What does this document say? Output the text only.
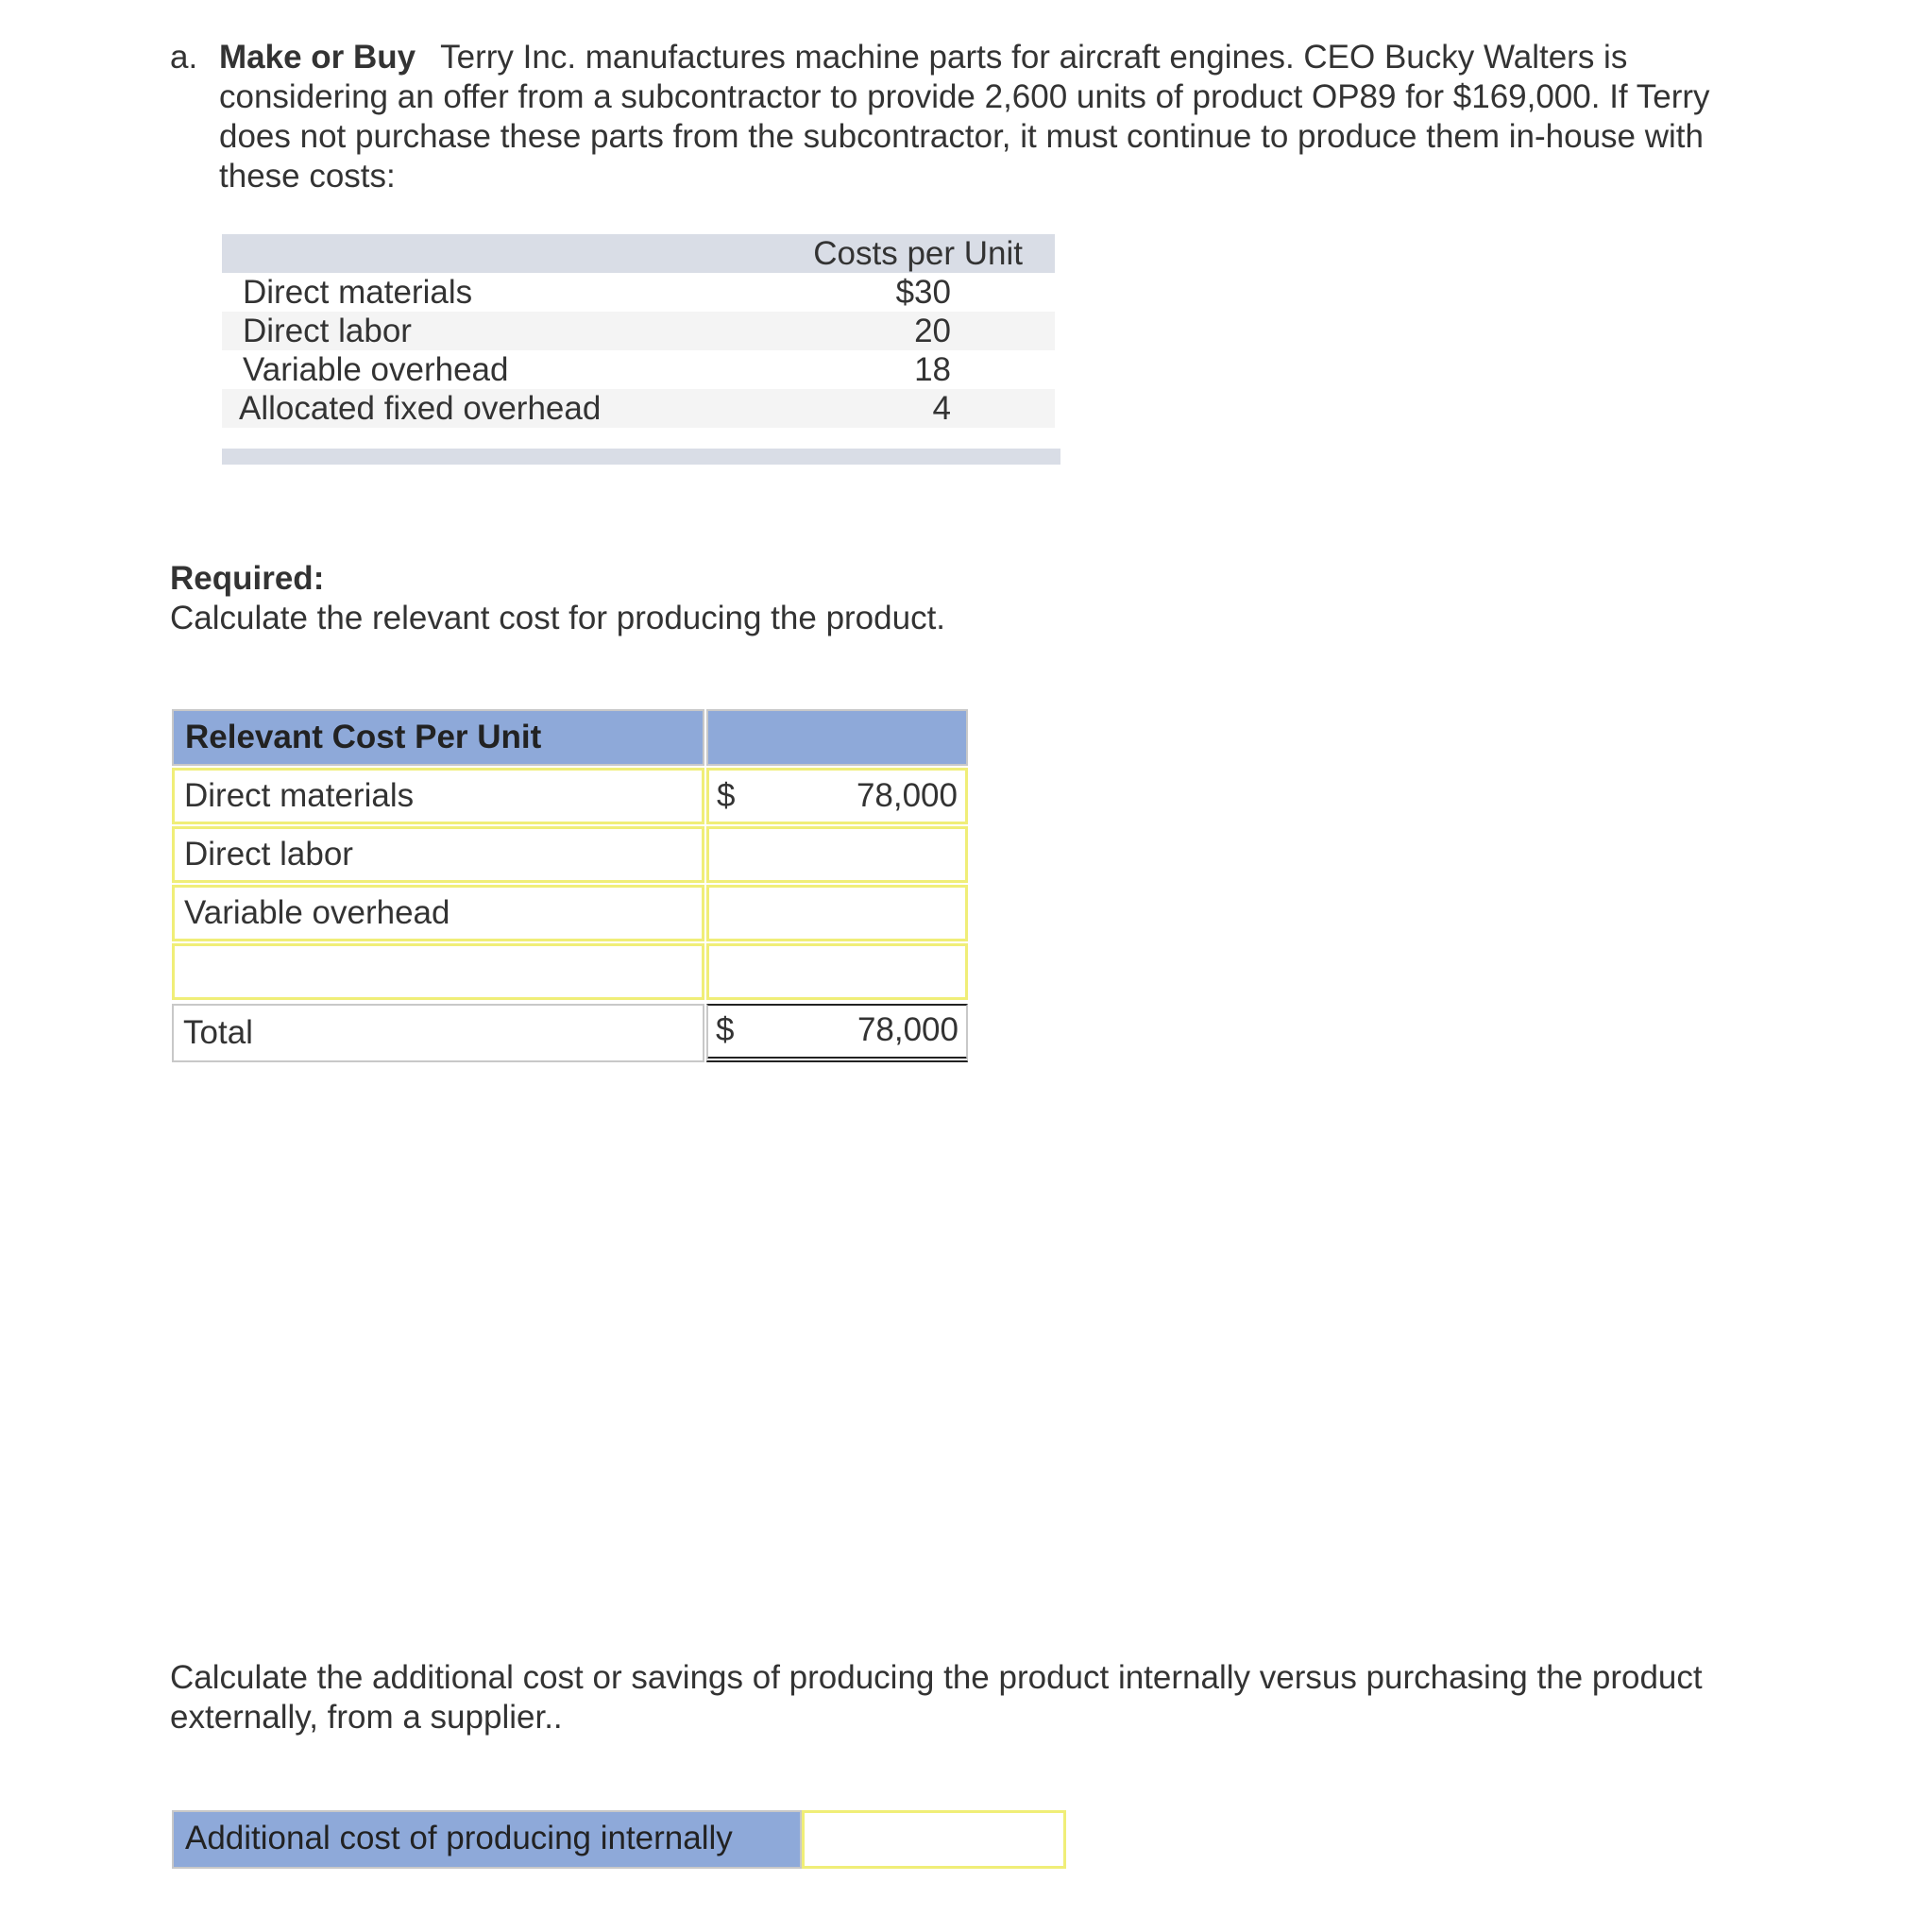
a. Make or Buy Terry Inc. manufactures machine parts for aircraft engines. CEO Bucky Walters is considering an offer from a subcontractor to provide 2,600 units of product OP89 for $169,000. If Terry does not purchase these parts from the subcontractor, it must continue to produce them in-house with these costs:
Costs per Unit
Direct materials	$30
Direct labor	20
Variable overhead	18
Allocated fixed overhead	4
Required:
Calculate the relevant cost for producing the product.
Relevant Cost Per Unit
Direct materials	$	78,000
Direct labor
Variable overhead
Total	$	78,000
Calculate the additional cost or savings of producing the product internally versus purchasing the product externally, from a supplier..
Additional cost of producing internally
